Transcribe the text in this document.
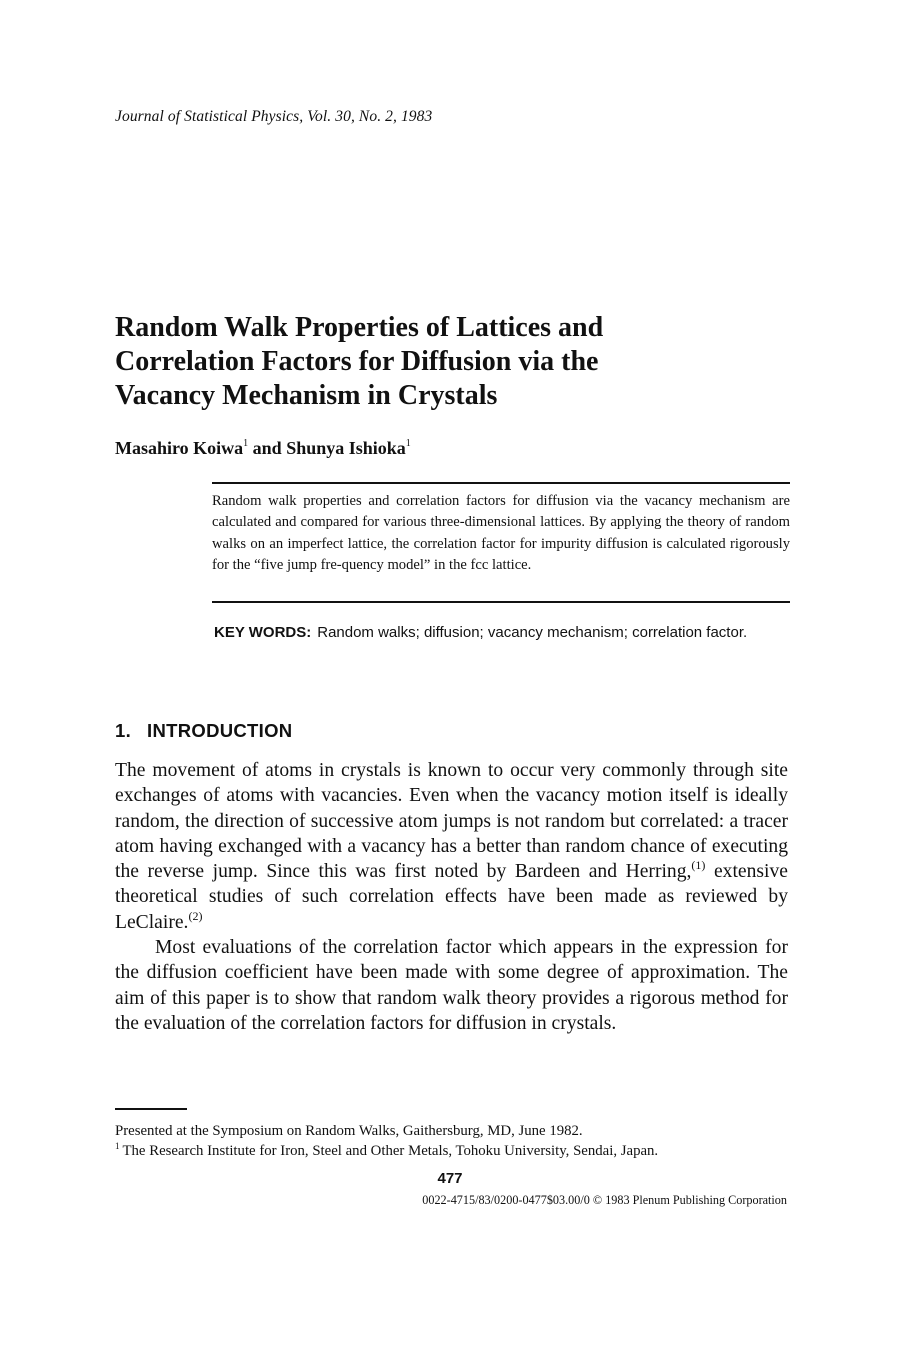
Journal of Statistical Physics, Vol. 30, No. 2, 1983
Random Walk Properties of Lattices and
Correlation Factors for Diffusion via the
Vacancy Mechanism in Crystals
Masahiro Koiwa$^1$ and Shunya Ishioka$^1$

Random walk properties and correlation factors for diffusion via the vacancy mechanism are calculated and compared for various three-dimensional lattices. By applying the theory of random walks on an imperfect lattice, the correlation factor for impurity diffusion is calculated rigorously for the “five jump fre-quency model” in the fcc lattice.

KEY WORDS: Random walks; diffusion; vacancy mechanism; correlation factor.
1. INTRODUCTION

The movement of atoms in crystals is known to occur very commonly through site exchanges of atoms with vacancies. Even when the vacancy motion itself is ideally random, the direction of successive atom jumps is not random but correlated: a tracer atom having exchanged with a vacancy has a better than random chance of executing the reverse jump. Since this was first noted by Bardeen and Herring,$^{(1)}$ extensive theoretical studies of such correlation effects have been made as reviewed by LeClaire.$^{(2)}$

Most evaluations of the correlation factor which appears in the expression for the diffusion coefficient have been made with some degree of approximation. The aim of this paper is to show that random walk theory provides a rigorous method for the evaluation of the correlation factors for diffusion in crystals.

Presented at the Symposium on Random Walks, Gaithersburg, MD, June 1982.
$^1$ The Research Institute for Iron, Steel and Other Metals, Tohoku University, Sendai, Japan.
477
0022-4715/83/0200-0477$03.00/0 © 1983 Plenum Publishing Corporation
